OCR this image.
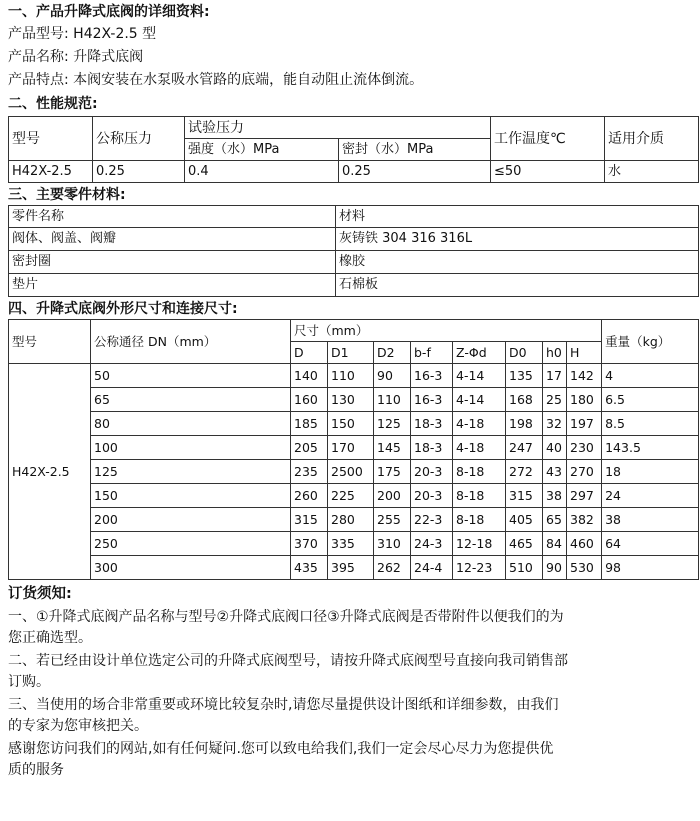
一、产品升降式底阀的详细资料:

产品型号: H42X-2.5 型

产品名称: 升降式底阀

产品特点: 本阀安装在水泵吸水管路的底端，能自动阻止流体倒流。

二、性能规范:

型号	公称压力	试验压力		工作温度℃	适用介质
		强度（水）MPa	密封（水）MPa		
H42X-2.5	0.25	0.4	0.25	≤50	水

三、主要零件材料:

零件名称	材料
阀体、阀盖、阀瓣	灰铸铁 304 316 316L
密封圈	橡胶
垫片	石棉板

四、升降式底阀外形尺寸和连接尺寸:

型号	公称通径 DN（mm）	尺寸（mm）								重量（kg）
		D	D1	D2	b-f	Z-Φd	D0	h0	H	
H42X-2.5	50	140	110	90	16-3	4-14	135	17	142	4
	65	160	130	110	16-3	4-14	168	25	180	6.5
	80	185	150	125	18-3	4-18	198	32	197	8.5
	100	205	170	145	18-3	4-18	247	40	230	143.5
	125	235	2500	175	20-3	8-18	272	43	270	18
	150	260	225	200	20-3	8-18	315	38	297	24
	200	315	280	255	22-3	8-18	405	65	382	38
	250	370	335	310	24-3	12-18	465	84	460	64
	300	435	395	262	24-4	12-23	510	90	530	98

订货须知:

一、①升降式底阀产品名称与型号②升降式底阀口径③升降式底阀是否带附件以便我们的为

您正确选型。

二、若已经由设计单位选定公司的升降式底阀型号，请按升降式底阀型号直接向我司销售部

订购。

三、当使用的场合非常重要或环境比较复杂时,请您尽量提供设计图纸和详细参数，由我们

的专家为您审核把关。

感谢您访问我们的网站,如有任何疑问.您可以致电给我们,我们一定会尽心尽力为您提供优

质的服务
